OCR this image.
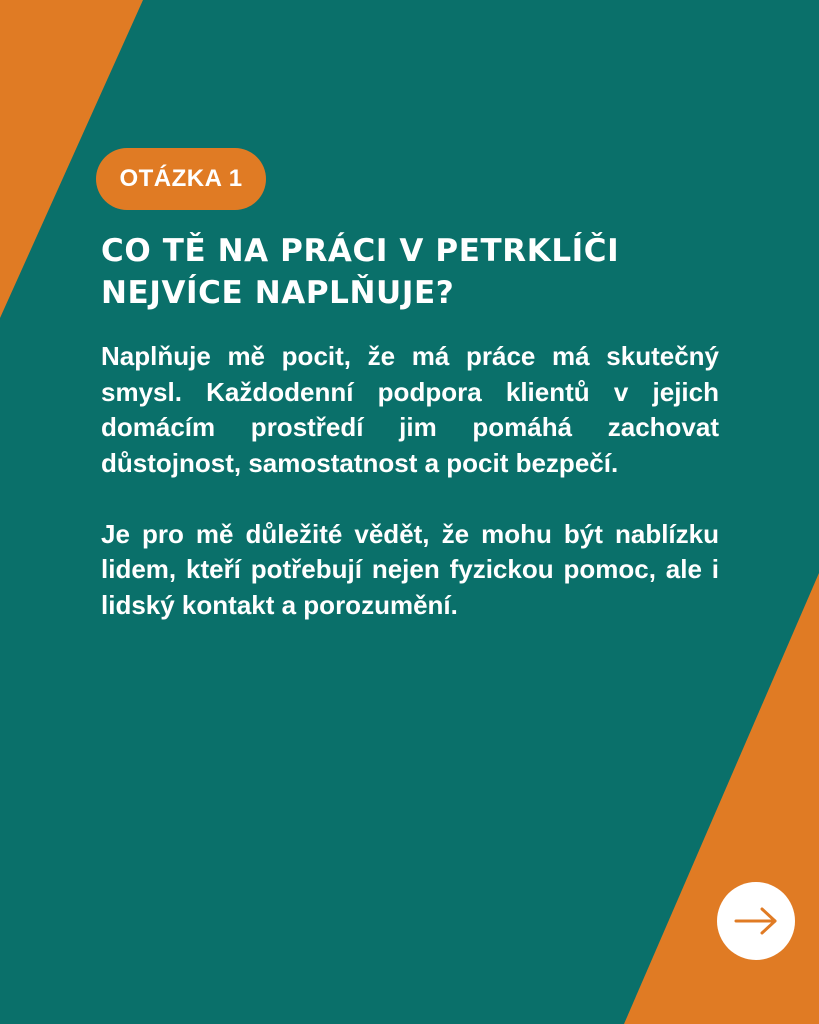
OTÁZKA 1
CO TĚ NA PRÁCI V PETRKLÍČI
NEJVÍCE NAPLŇUJE?

Naplňuje mě pocit, že má práce má skutečný smysl. Každodenní podpora klientů v jejich domácím prostředí jim pomáhá zachovat důstojnost, samostatnost a pocit bezpečí.

Je pro mě důležité vědět, že mohu být nablízku lidem, kteří potřebují nejen fyzickou pomoc, ale i lidský kontakt a porozumění.
